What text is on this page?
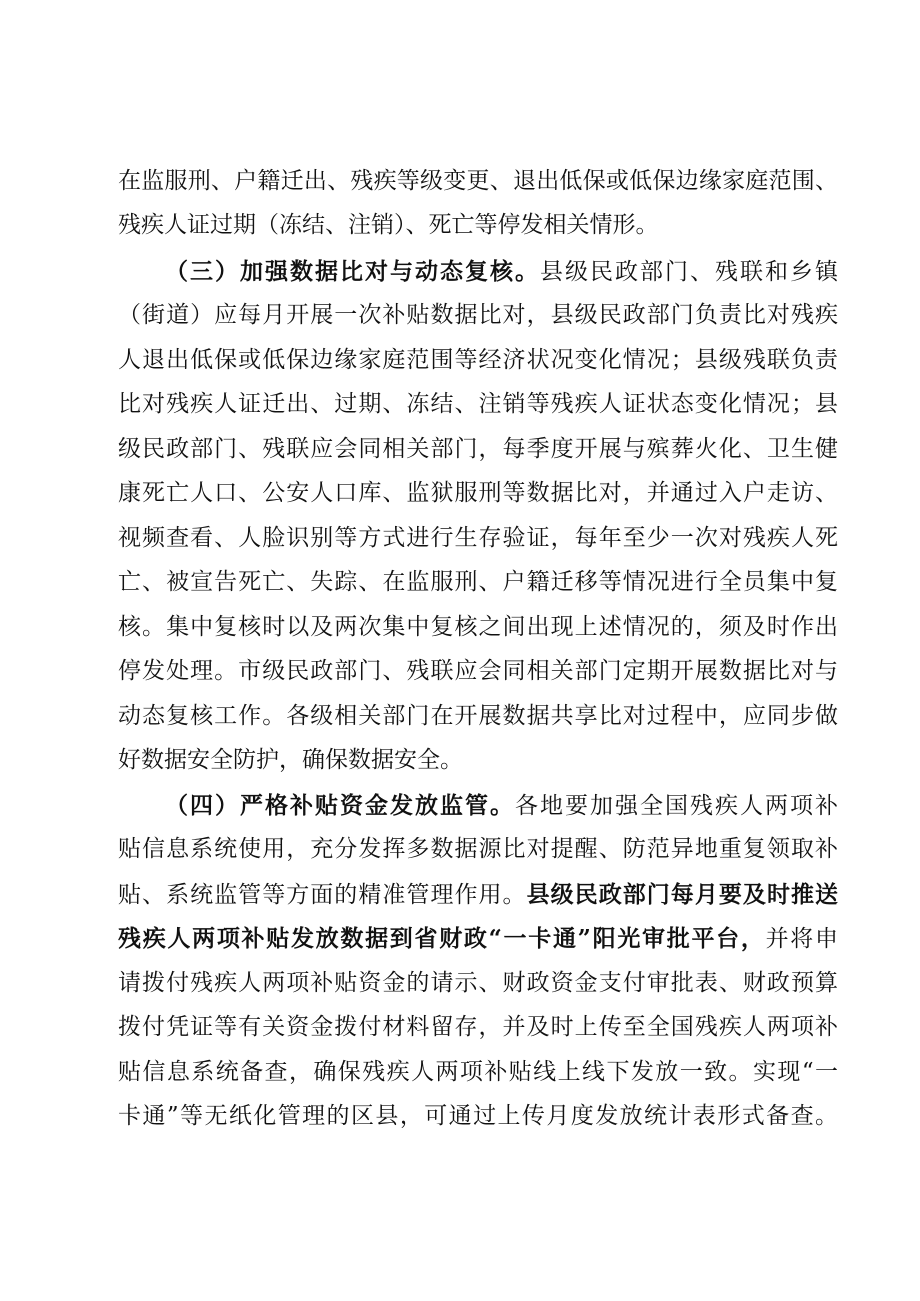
在监服刑、户籍迁出、残疾等级变更、退出低保或低保边缘家庭范围、
残疾人证过期（冻结、注销）、死亡等停发相关情形。
（三）加强数据比对与动态复核。县级民政部门、残联和乡镇
（街道）应每月开展一次补贴数据比对，县级民政部门负责比对残疾
人退出低保或低保边缘家庭范围等经济状况变化情况；县级残联负责
比对残疾人证迁出、过期、冻结、注销等残疾人证状态变化情况；县
级民政部门、残联应会同相关部门，每季度开展与殡葬火化、卫生健
康死亡人口、公安人口库、监狱服刑等数据比对，并通过入户走访、
视频查看、人脸识别等方式进行生存验证，每年至少一次对残疾人死
亡、被宣告死亡、失踪、在监服刑、户籍迁移等情况进行全员集中复
核。集中复核时以及两次集中复核之间出现上述情况的，须及时作出
停发处理。市级民政部门、残联应会同相关部门定期开展数据比对与
动态复核工作。各级相关部门在开展数据共享比对过程中，应同步做
好数据安全防护，确保数据安全。
（四）严格补贴资金发放监管。各地要加强全国残疾人两项补
贴信息系统使用，充分发挥多数据源比对提醒、防范异地重复领取补
贴、系统监管等方面的精准管理作用。县级民政部门每月要及时推送
残疾人两项补贴发放数据到省财政“一卡通”阳光审批平台，并将申
请拨付残疾人两项补贴资金的请示、财政资金支付审批表、财政预算
拨付凭证等有关资金拨付材料留存，并及时上传至全国残疾人两项补
贴信息系统备查，确保残疾人两项补贴线上线下发放一致。实现“一
卡通”等无纸化管理的区县，可通过上传月度发放统计表形式备查。
